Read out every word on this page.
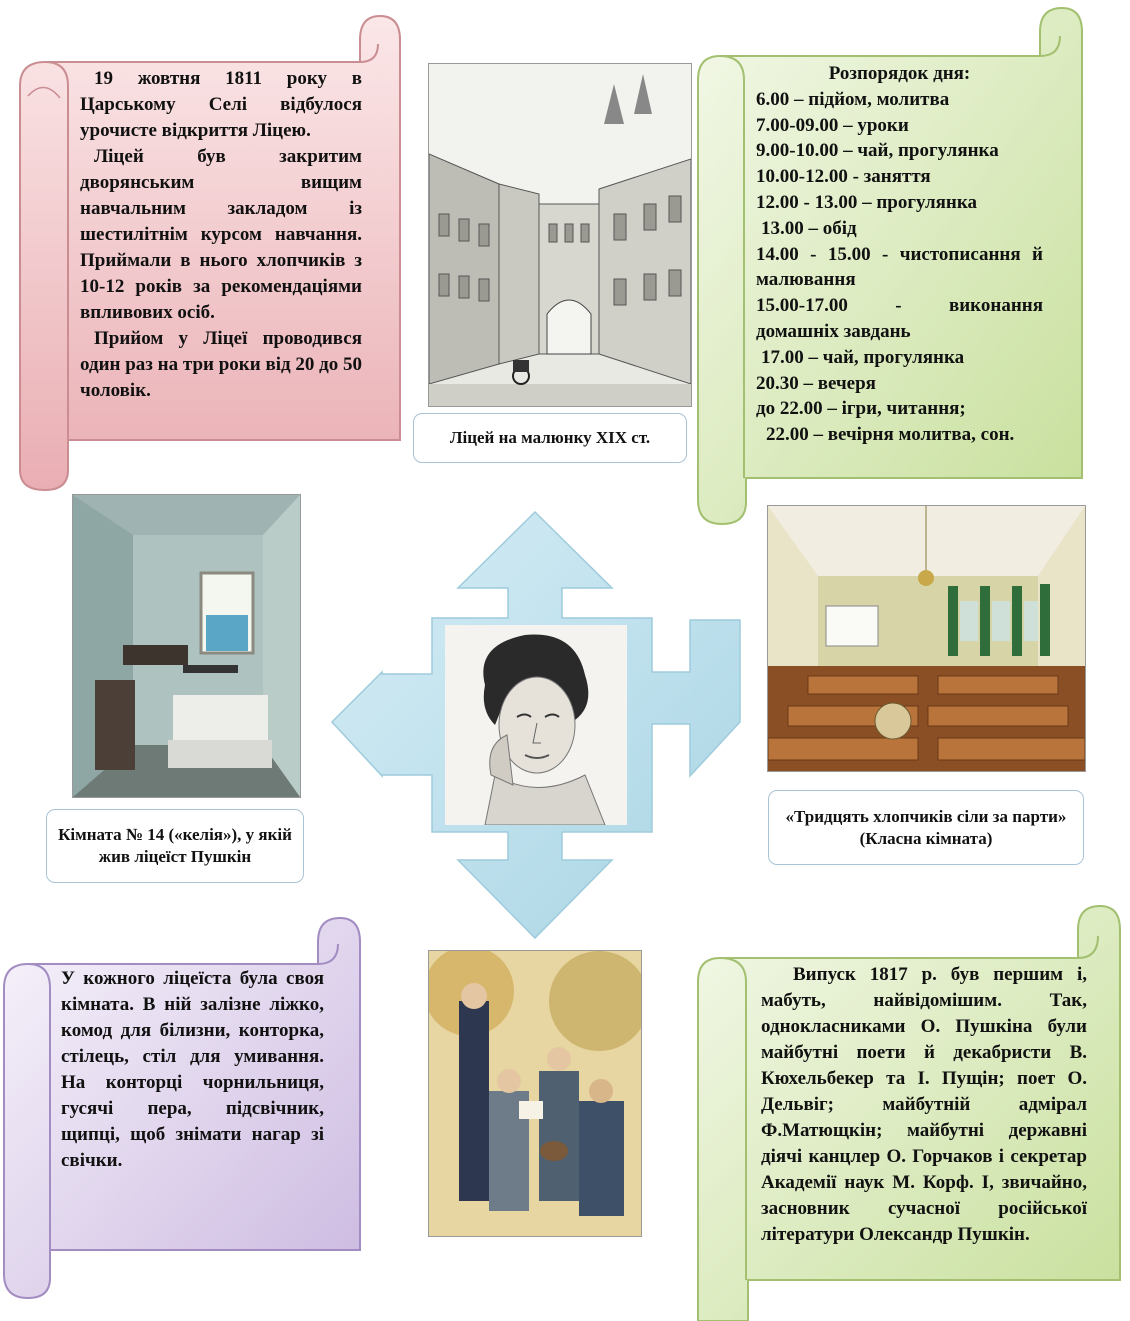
19 жовтня 1811 року в Царському Селі відбулося урочисте відкриття Ліцею.

Ліцей був закритим дворянським вищим навчальним закладом із шестилітнім курсом навчання. Приймали в нього хлопчиків з 10-12 років за рекомендаціями впливових осіб.

Прийом у Ліцеї проводився один раз на три роки від 20 до 50 чоловік.

Ліцей на малюнку XIX ст.
Розпорядок дня:
6.00 – підйом, молитва
7.00-09.00 – уроки
9.00-10.00 – чай, прогулянка
10.00-12.00 - заняття
12.00 - 13.00 – прогулянка
13.00 – обід
14.00 - 15.00 - чистописання й малювання
15.00-17.00 - виконання домашніх завдань
17.00 – чай, прогулянка
20.30 – вечеря
до 22.00 – ігри, читання;
22.00 – вечірня молитва, сон.
Кімната № 14 («келія»), у якій жив ліцеїст Пушкін
«Тридцять хлопчиків сіли за парти» (Класна кімната)

У кожного ліцеїста була своя кімната. В ній залізне ліжко, комод для білизни, конторка, стілець, стіл для умивання. На конторці чорнильниця, гусячі пера, підсвічник, щипці, щоб знімати нагар зі свічки.

Випуск 1817 р. був першим і, мабуть, найвідомішим. Так, однокласниками О. Пушкіна були майбутні поети й декабристи В. Кюхельбекер та І. Пущін; поет О. Дельвіг; майбутній адмірал Ф.Матющкін; майбутні державні діячі канцлер О. Горчаков і секретар Академії наук М. Корф. І, звичайно, засновник сучасної російської літератури Олександр Пушкін.
